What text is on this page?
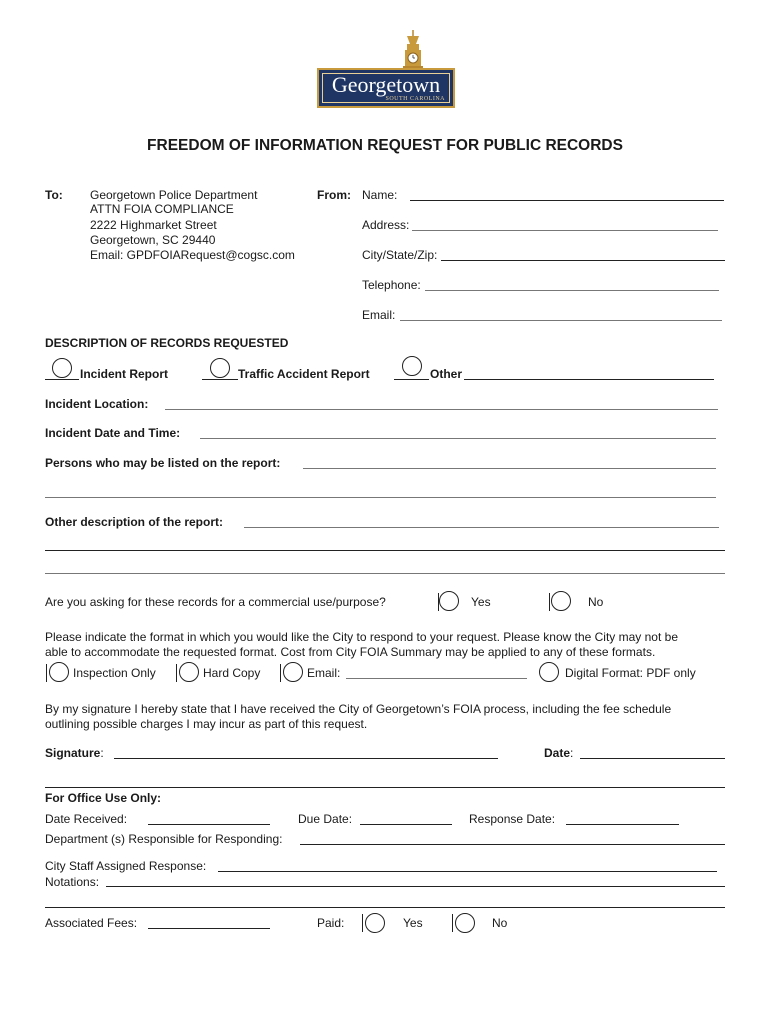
Georgetown
SOUTH CAROLINA
FREEDOM OF INFORMATION REQUEST FOR PUBLIC RECORDS
To: Georgetown Police Department
ATTN FOIA COMPLIANCE
2222 Highmarket Street
Georgetown, SC 29440
Email: GPDFOIARequest@cogsc.com
From: Name:
Address:
City/State/Zip:
Telephone:
Email:
DESCRIPTION OF RECORDS REQUESTED
Incident Report	Traffic Accident Report	Other
Incident Location:
Incident Date and Time:
Persons who may be listed on the report:
Other description of the report:
Are you asking for these records for a commercial use/purpose?	Yes	No
Please indicate the format in which you would like the City to respond to your request. Please know the City may not be
able to accommodate the requested format. Cost from City FOIA Summary may be applied to any of these formats.
Inspection Only	Hard Copy	Email:	Digital Format: PDF only
By my signature I hereby state that I have received the City of Georgetown’s FOIA process, including the fee schedule
outlining possible charges I may incur as part of this request.
Signature:	Date:
For Office Use Only:
Date Received:	Due Date:	Response Date:
Department (s) Responsible for Responding:
City Staff Assigned Response:
Notations:
Associated Fees:	Paid:	Yes	No
